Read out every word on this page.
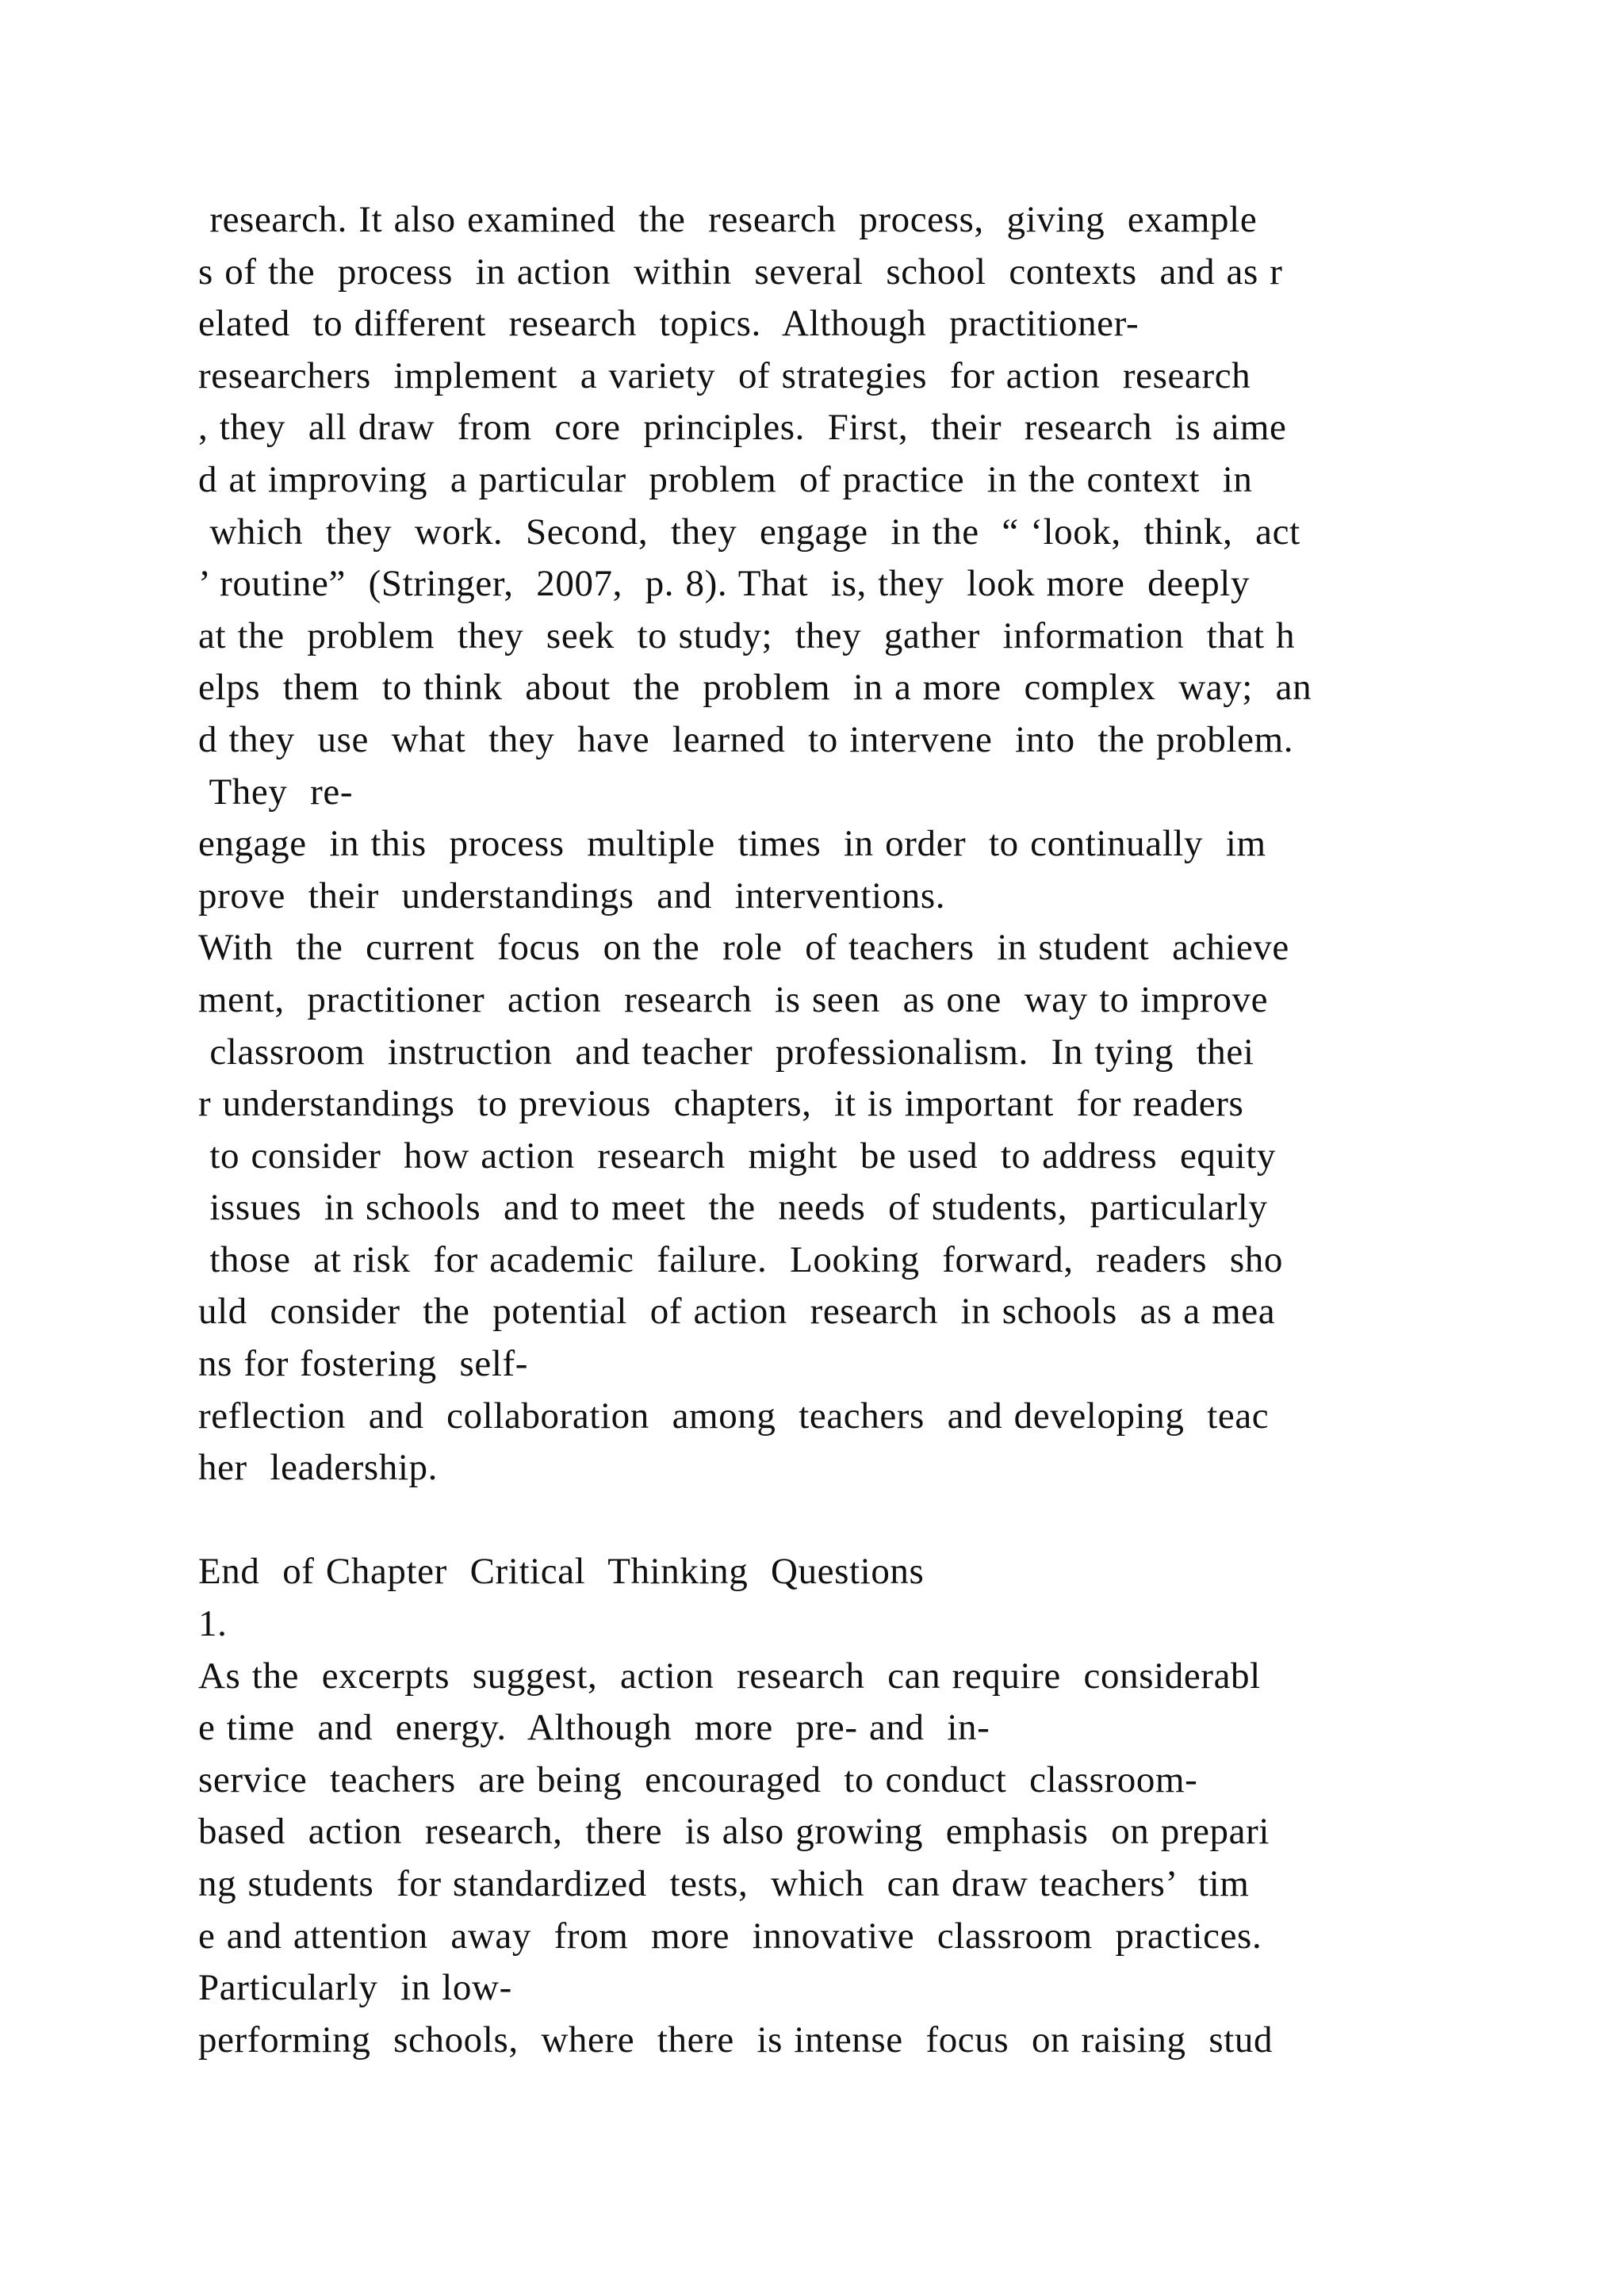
research. It also examined  the  research  process,  giving  example
s of the  process  in action  within  several  school  contexts  and as r
elated  to different  research  topics.  Although  practitioner-
researchers  implement  a variety  of strategies  for action  research
, they  all draw  from  core  principles.  First,  their  research  is aime
d at improving  a particular  problem  of practice  in the context  in
which  they  work.  Second,  they  engage  in the  “ ‘look,  think,  act
’ routine”  (Stringer,  2007,  p. 8). That  is, they  look more  deeply
at the  problem  they  seek  to study;  they  gather  information  that h
elps  them  to think  about  the  problem  in a more  complex  way;  an
d they  use  what  they  have  learned  to intervene  into  the problem.
They  re-
engage  in this  process  multiple  times  in order  to continually  im
prove  their  understandings  and  interventions.
With  the  current  focus  on the  role  of teachers  in student  achieve
ment,  practitioner  action  research  is seen  as one  way to improve
classroom  instruction  and teacher  professionalism.  In tying  thei
r understandings  to previous  chapters,  it is important  for readers
to consider  how action  research  might  be used  to address  equity
issues  in schools  and to meet  the  needs  of students,  particularly
those  at risk  for academic  failure.  Looking  forward,  readers  sho
uld  consider  the  potential  of action  research  in schools  as a mea
ns for fostering  self-
reflection  and  collaboration  among  teachers  and developing  teac
her  leadership.
End  of Chapter  Critical  Thinking  Questions
1.
As the  excerpts  suggest,  action  research  can require  considerabl
e time  and  energy.  Although  more  pre- and  in-
service  teachers  are being  encouraged  to conduct  classroom-
based  action  research,  there  is also growing  emphasis  on prepari
ng students  for standardized  tests,  which  can draw teachers’  tim
e and attention  away  from  more  innovative  classroom  practices.
Particularly  in low-
performing  schools,  where  there  is intense  focus  on raising  stud
